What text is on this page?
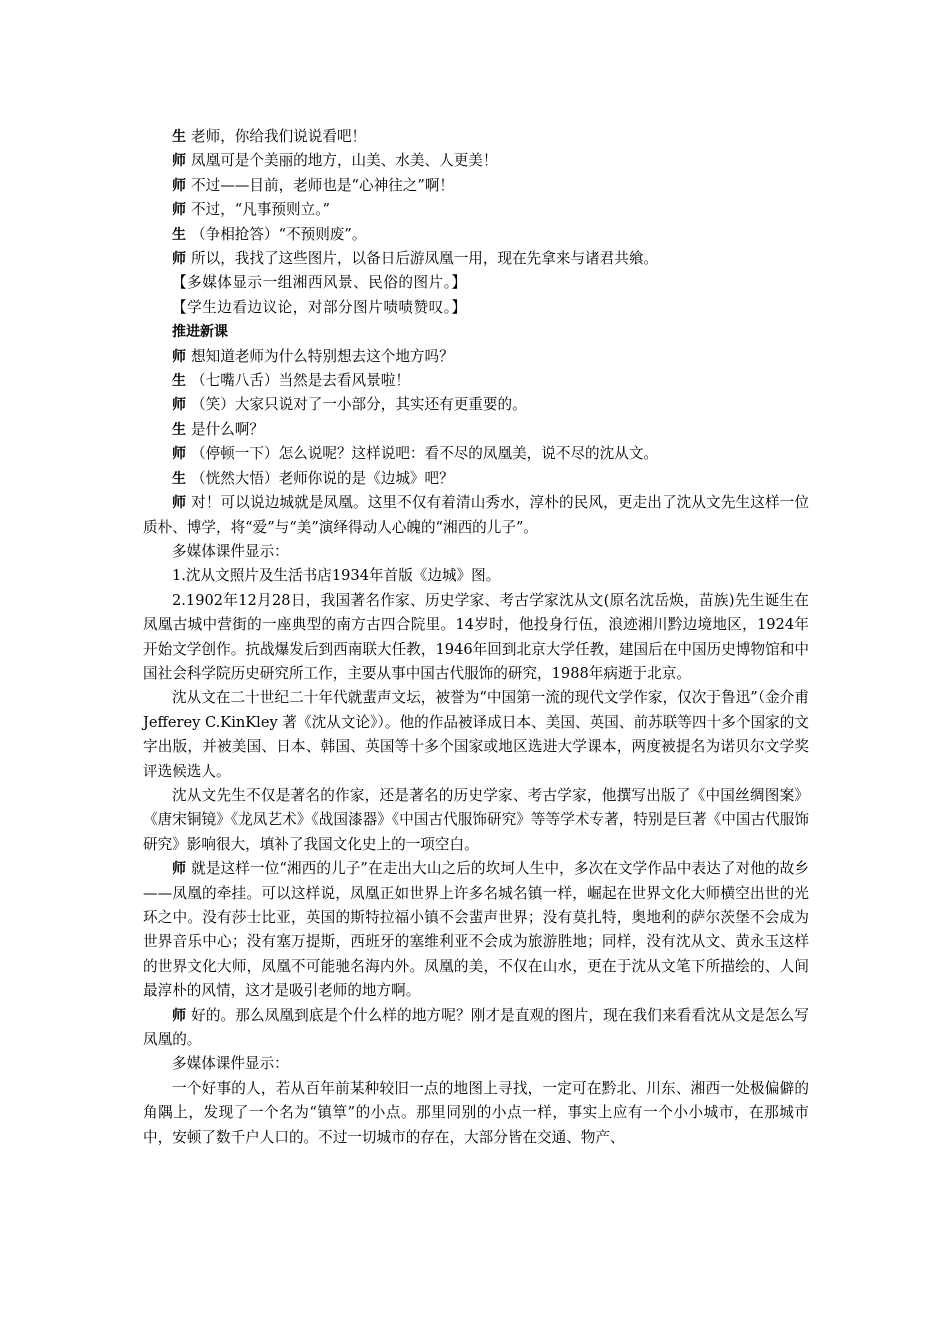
生 老师，你给我们说说看吧！

师 凤凰可是个美丽的地方，山美、水美、人更美！

师 不过——目前，老师也是“心神往之”啊！

师 不过，“凡事预则立。”

生 （争相抢答）“不预则废”。

师 所以，我找了这些图片，以备日后游凤凰一用，现在先拿来与诸君共飨。

【多媒体显示一组湘西风景、民俗的图片。】

【学生边看边议论，对部分图片啧啧赞叹。】

推进新课

师 想知道老师为什么特别想去这个地方吗？

生 （七嘴八舌）当然是去看风景啦！

师 （笑）大家只说对了一小部分，其实还有更重要的。

生 是什么啊？

师 （停顿一下）怎么说呢？这样说吧：看不尽的凤凰美，说不尽的沈从文。

生 （恍然大悟）老师你说的是《边城》吧？

师 对！可以说边城就是凤凰。这里不仅有着清山秀水，淳朴的民风，更走出了沈从文先生这样一位质朴、博学，将“爱”与“美”演绎得动人心魄的“湘西的儿子”。

多媒体课件显示：

1.沈从文照片及生活书店1934年首版《边城》图。

2.1902年12月28日，我国著名作家、历史学家、考古学家沈从文(原名沈岳焕，苗族)先生诞生在凤凰古城中营街的一座典型的南方古四合院里。14岁时，他投身行伍，浪迹湘川黔边境地区，1924年开始文学创作。抗战爆发后到西南联大任教，1946年回到北京大学任教，建国后在中国历史博物馆和中国社会科学院历史研究所工作，主要从事中国古代服饰的研究，1988年病逝于北京。

沈从文在二十世纪二十年代就蜚声文坛，被誉为“中国第一流的现代文学作家，仅次于鲁迅”（金介甫 Jefferey C.KinKley 著《沈从文论》）。他的作品被译成日本、美国、英国、前苏联等四十多个国家的文字出版，并被美国、日本、韩国、英国等十多个国家或地区选进大学课本，两度被提名为诺贝尔文学奖评选候选人。

沈从文先生不仅是著名的作家，还是著名的历史学家、考古学家，他撰写出版了《中国丝绸图案》《唐宋铜镜》《龙凤艺术》《战国漆器》《中国古代服饰研究》等等学术专著，特别是巨著《中国古代服饰研究》影响很大，填补了我国文化史上的一项空白。

师 就是这样一位“湘西的儿子”在走出大山之后的坎坷人生中，多次在文学作品中表达了对他的故乡——凤凰的牵挂。可以这样说，凤凰正如世界上许多名城名镇一样，崛起在世界文化大师横空出世的光环之中。没有莎士比亚，英国的斯特拉福小镇不会蜚声世界；没有莫扎特，奥地利的萨尔茨堡不会成为世界音乐中心；没有塞万提斯，西班牙的塞维利亚不会成为旅游胜地；同样，没有沈从文、黄永玉这样的世界文化大师，凤凰不可能驰名海内外。凤凰的美，不仅在山水，更在于沈从文笔下所描绘的、人间最淳朴的风情，这才是吸引老师的地方啊。

师 好的。那么凤凰到底是个什么样的地方呢？刚才是直观的图片，现在我们来看看沈从文是怎么写凤凰的。

多媒体课件显示：

一个好事的人，若从百年前某种较旧一点的地图上寻找，一定可在黔北、川东、湘西一处极偏僻的角隅上，发现了一个名为“镇筸”的小点。那里同别的小点一样，事实上应有一个小小城市，在那城市中，安顿了数千户人口的。不过一切城市的存在，大部分皆在交通、物产、
